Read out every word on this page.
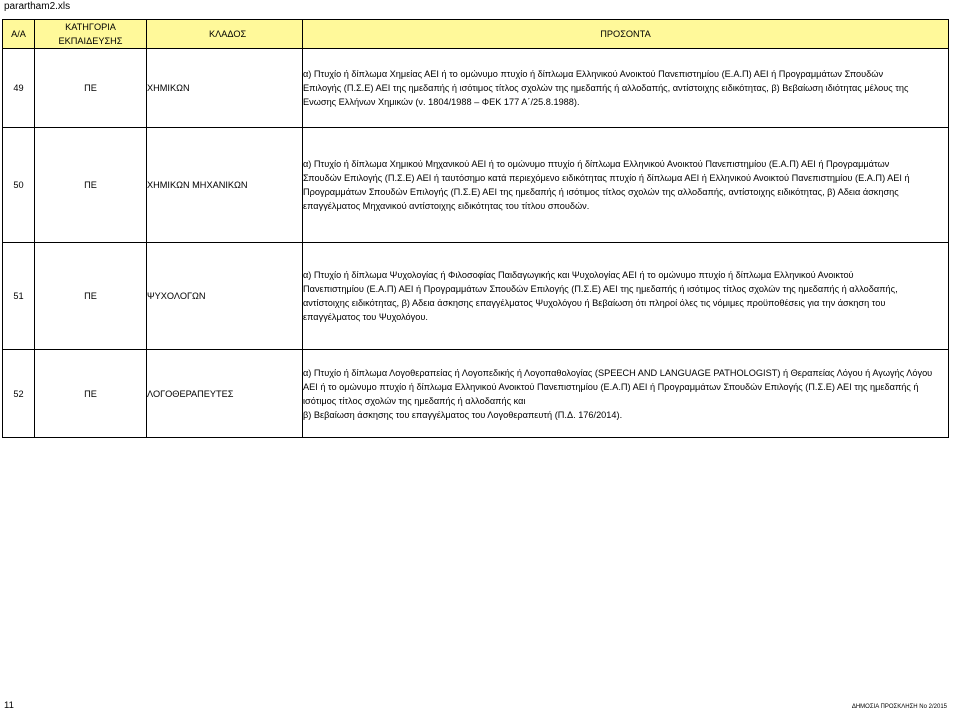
parartham2.xls
Α/Α	ΚΑΤΗΓΟΡΙΑ ΕΚΠΑΙΔΕΥΣΗΣ	ΚΛΑΔΟΣ	ΠΡΟΣΟΝΤΑ
49	ΠΕ	ΧΗΜΙΚΩΝ	α) Πτυχίο ή δίπλωμα Χημείας ΑΕΙ ή το ομώνυμο πτυχίο ή δίπλωμα Ελληνικού Ανοικτού Πανεπιστημίου (Ε.Α.Π) ΑΕΙ ή Προγραμμάτων Σπουδών
Επιλογής (Π.Σ.Ε) ΑΕΙ της ημεδαπής ή ισότιμος τίτλος σχολών της ημεδαπής ή αλλοδαπής, αντίστοιχης ειδικότητας, β) Βεβαίωση ιδιότητας μέλους της
Ενωσης Ελλήνων Χημικών (ν. 1804/1988 – ΦΕΚ 177 Α΄/25.8.1988).

50	ΠΕ	ΧΗΜΙΚΩΝ ΜΗΧΑΝΙΚΩΝ	α) Πτυχίο ή δίπλωμα Χημικού Μηχανικού ΑΕΙ ή το ομώνυμο πτυχίο ή δίπλωμα Ελληνικού Ανοικτού Πανεπιστημίου (Ε.Α.Π) ΑΕΙ ή Προγραμμάτων
Σπουδών Επιλογής (Π.Σ.Ε) ΑΕΙ ή ταυτόσημο κατά περιεχόμενο ειδικότητας πτυχίο ή δίπλωμα ΑΕΙ ή Ελληνικού Ανοικτού Πανεπιστημίου (Ε.Α.Π) ΑΕΙ ή
Προγραμμάτων Σπουδών Επιλογής (Π.Σ.Ε) ΑΕΙ της ημεδαπής ή ισότιμος τίτλος σχολών της αλλοδαπής, αντίστοιχης ειδικότητας, β) Αδεια άσκησης
επαγγέλματος Μηχανικού αντίστοιχης ειδικότητας του τίτλου σπουδών.

51	ΠΕ	ΨΥΧΟΛΟΓΩΝ	α) Πτυχίο ή δίπλωμα Ψυχολογίας ή Φιλοσοφίας Παιδαγωγικής και Ψυχολογίας ΑΕΙ ή το ομώνυμο πτυχίο ή δίπλωμα Ελληνικού Ανοικτού
Πανεπιστημίου (Ε.Α.Π) ΑΕΙ ή Προγραμμάτων Σπουδών Επιλογής (Π.Σ.Ε) ΑΕΙ της ημεδαπής ή ισότιμος τίτλος σχολών της ημεδαπής ή αλλοδαπής,
αντίστοιχης ειδικότητας, β) Αδεια άσκησης επαγγέλματος Ψυχολόγου ή Βεβαίωση ότι πληροί όλες τις νόμιμες προϋποθέσεις για την άσκηση του
επαγγέλματος του Ψυχολόγου.

52	ΠΕ	ΛΟΓΟΘΕΡΑΠΕΥΤΕΣ	α) Πτυχίο ή δίπλωμα Λογοθεραπείας ή Λογοπεδικής ή Λογοπαθολογίας (SPEECH AND LANGUAGE PATHOLOGIST) ή Θεραπείας Λόγου ή Αγωγής Λόγου
ΑΕΙ ή το ομώνυμο πτυχίο ή δίπλωμα Ελληνικού Ανοικτού Πανεπιστημίου (Ε.Α.Π) ΑΕΙ ή Προγραμμάτων Σπουδών Επιλογής (Π.Σ.Ε) ΑΕΙ της ημεδαπής ή
ισότιμος τίτλος σχολών της ημεδαπής ή αλλοδαπής και
β) Βεβαίωση άσκησης του επαγγέλματος του Λογοθεραπευτή (Π.Δ. 176/2014).
11	ΔΗΜΟΣΙΑ ΠΡΟΣΚΛΗΣΗ Νο 2/2015
